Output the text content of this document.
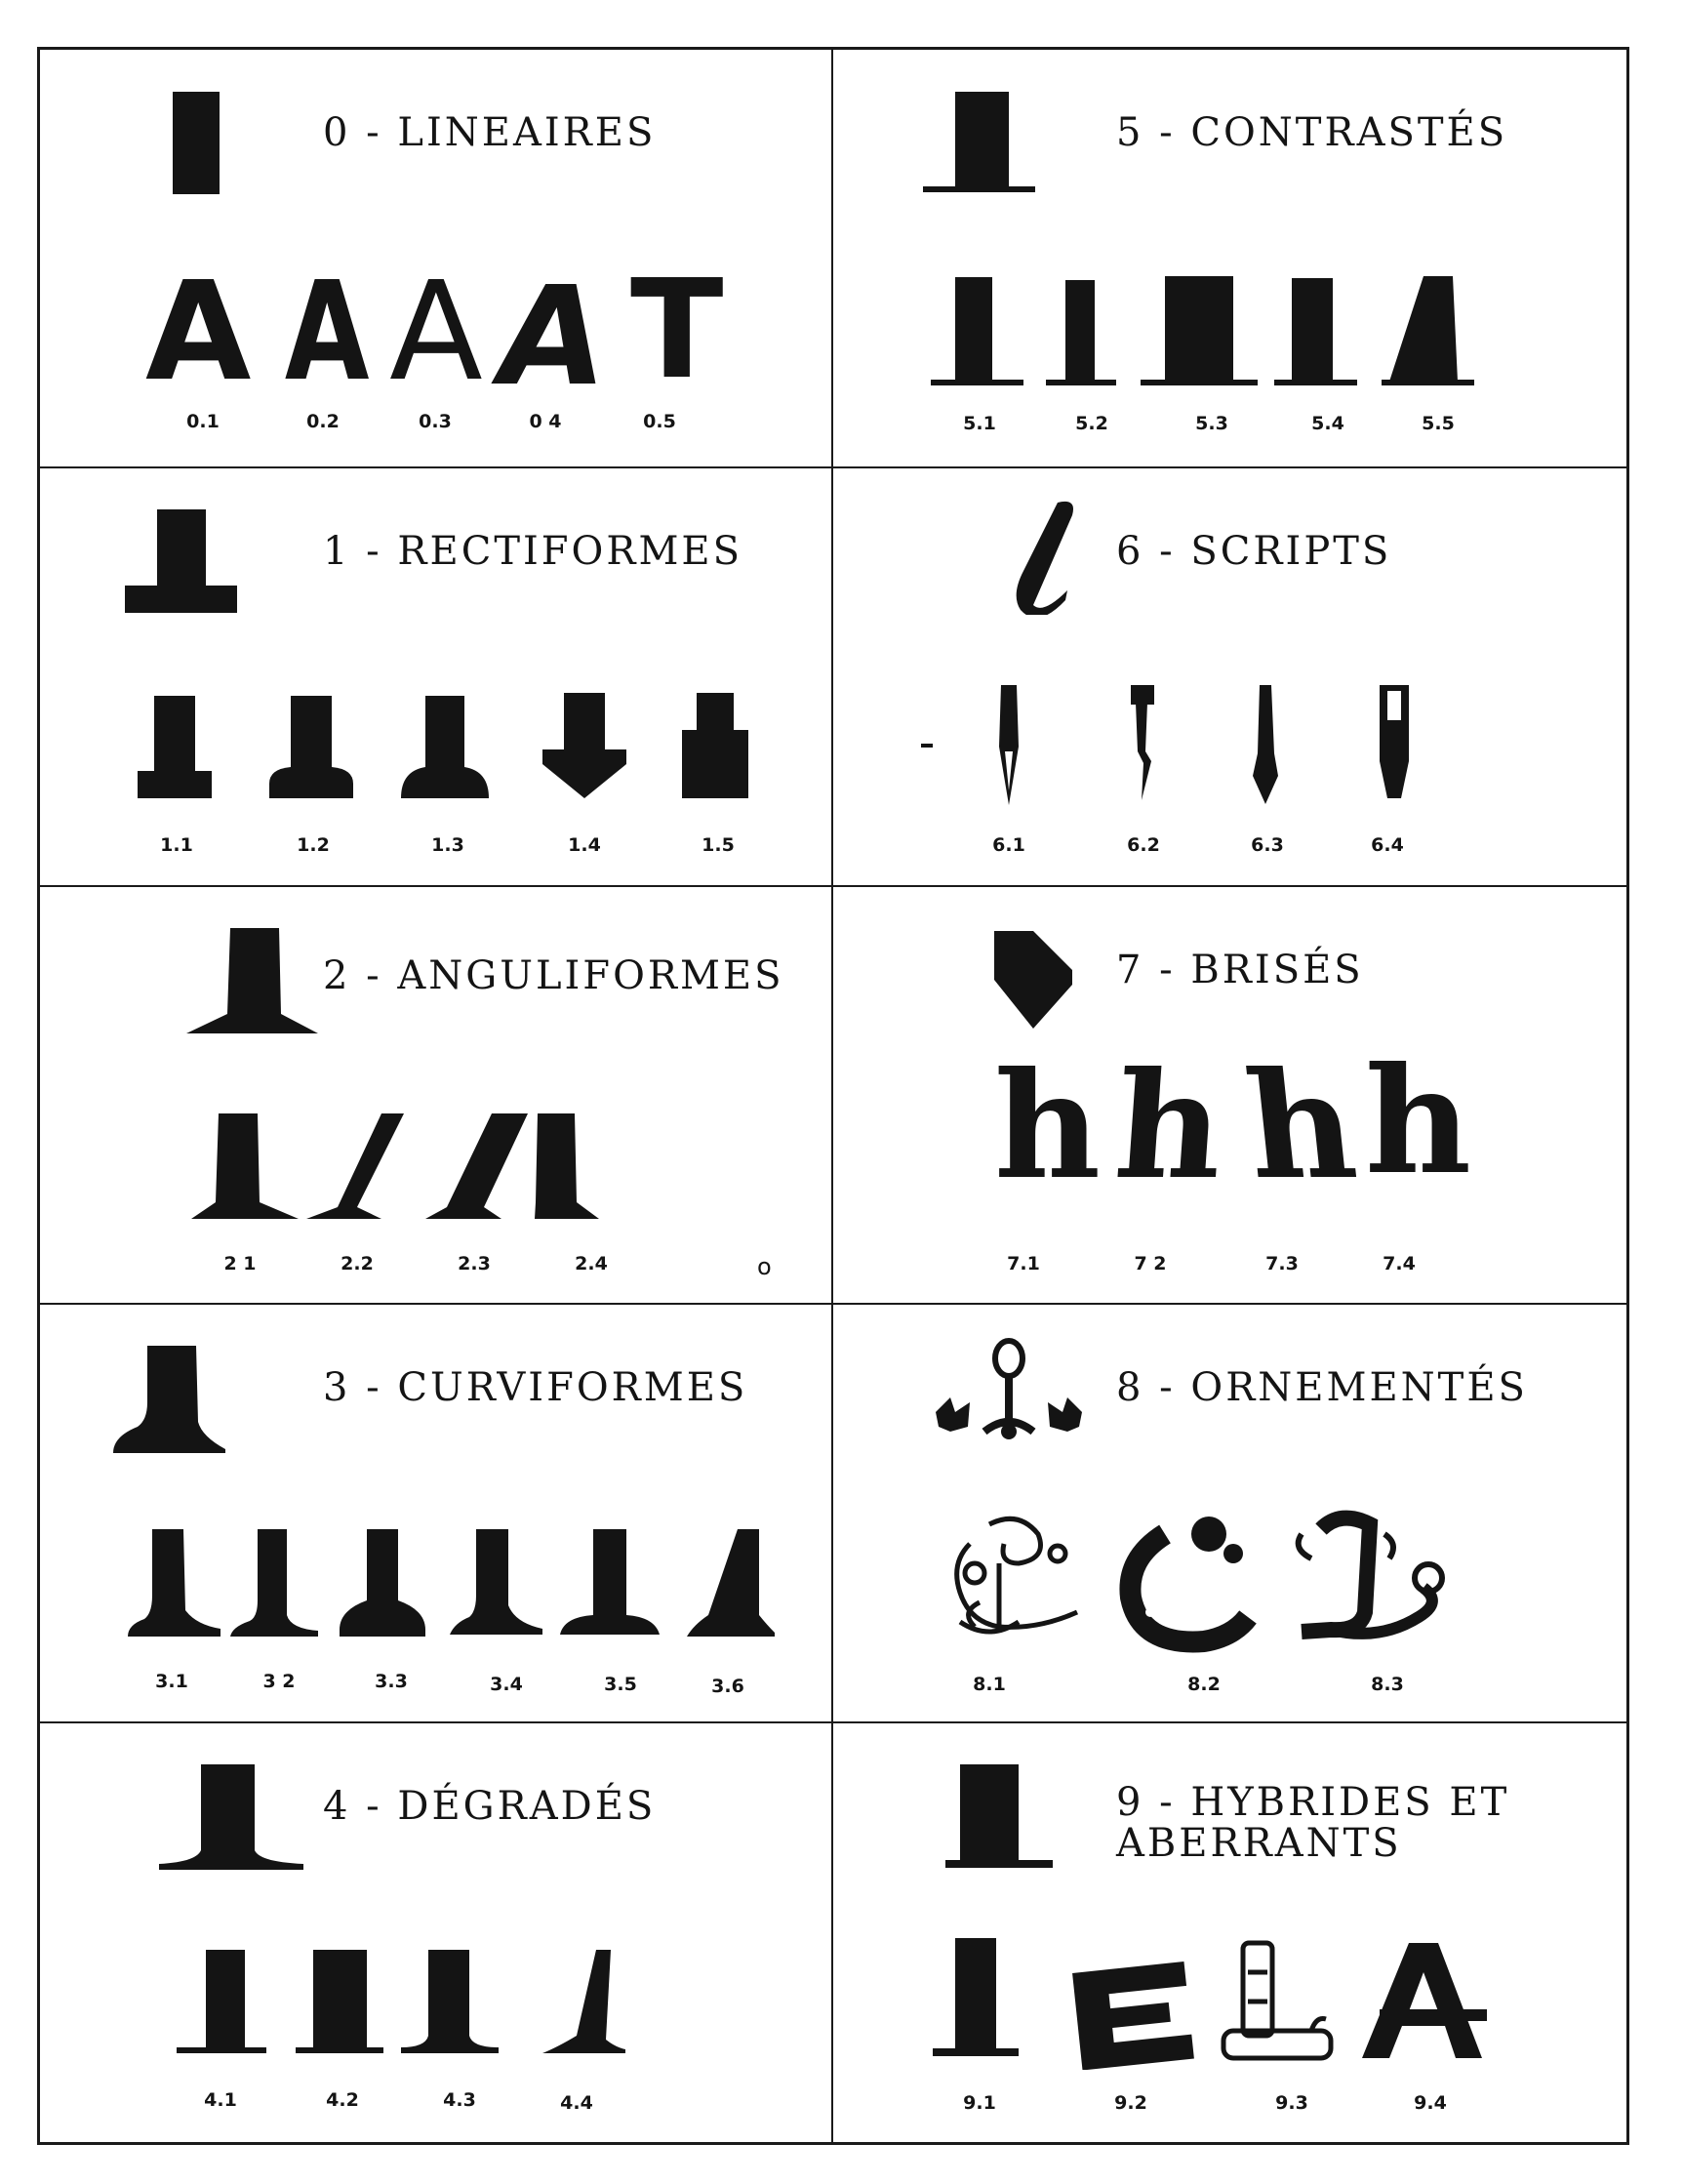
0 - LINEAIRES
A A A A T
0.1	0.2	0.3	0 4	0.5
5 - CONTRASTÉS
5.1	5.2	5.3	5.4	5.5
1 - RECTIFORMES
1.1	1.2	1.3	1.4	1.5
6 - SCRIPTS
6.1	6.2	6.3	6.4
2 - ANGULIFORMES
2 1	2.2	2.3	2.4	o
7 - BRISÉS
h h h h
7.1	7 2	7.3	7.4
3 - CURVIFORMES
3.1	3 2	3.3	3.4	3.5	3.6
8 - ORNEMENTÉS
8.1	8.2	8.3
4 - DÉGRADÉS
4.1	4.2	4.3	4.4
9 - HYBRIDES ET
ABERRANTS
9.1	9.2	9.3	9.4
